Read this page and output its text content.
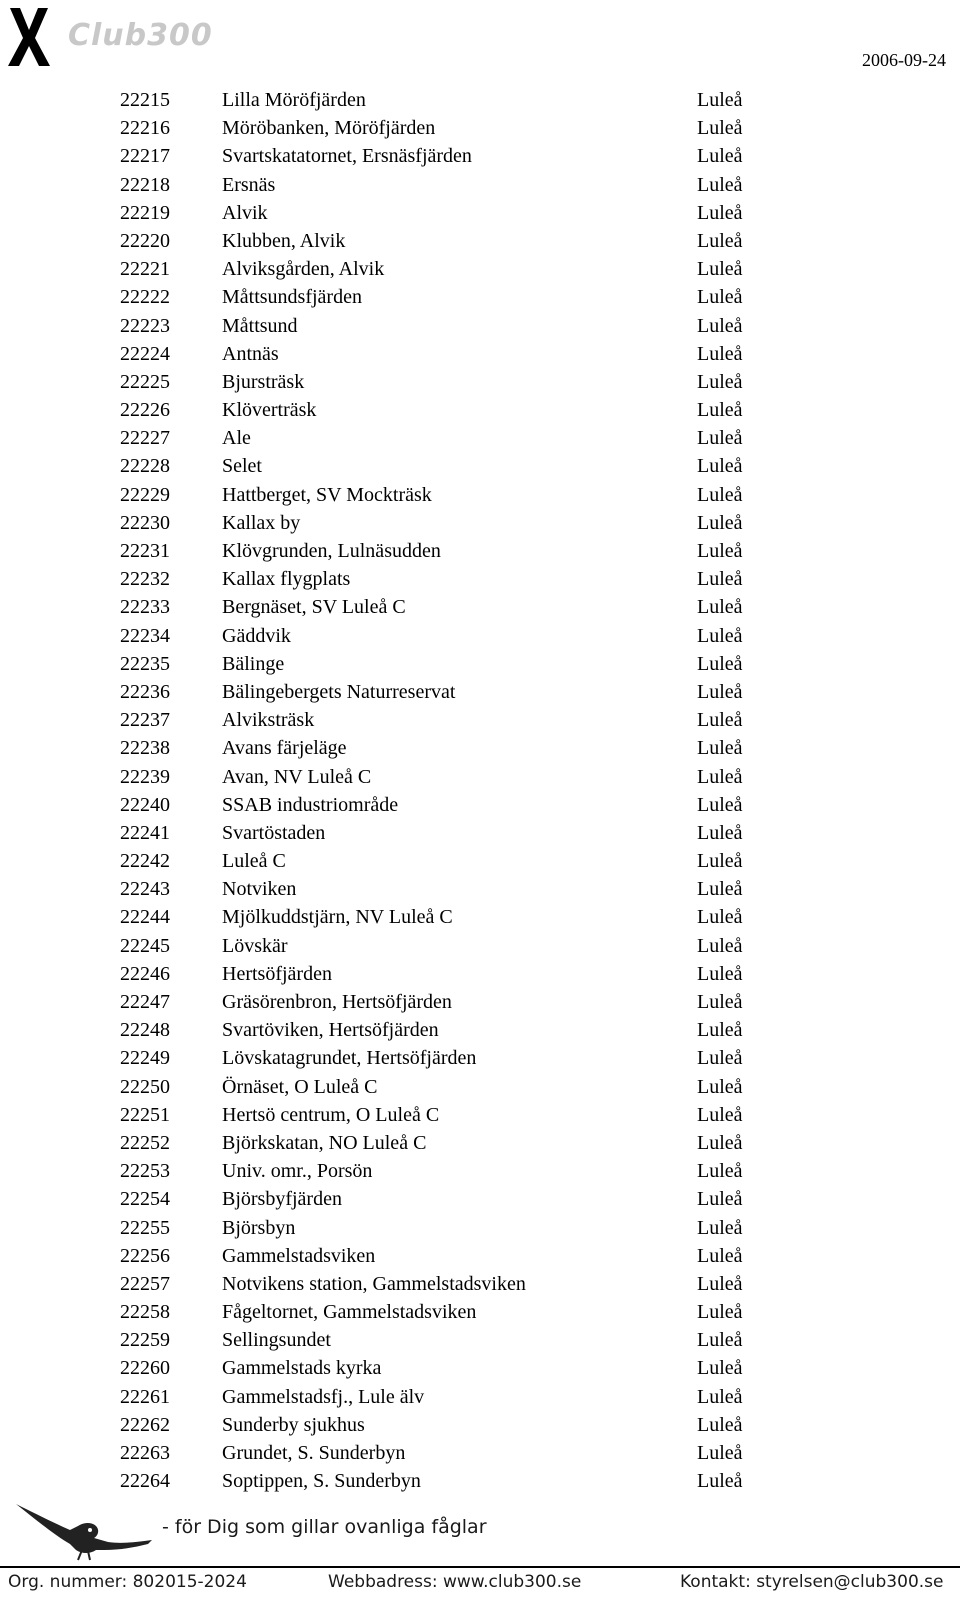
Club300
2006-09-24
22215	Lilla Möröfjärden	Luleå
22216	Möröbanken, Möröfjärden	Luleå
22217	Svartskatatornet, Ersnäsfjärden	Luleå
22218	Ersnäs	Luleå
22219	Alvik	Luleå
22220	Klubben, Alvik	Luleå
22221	Alviksgården, Alvik	Luleå
22222	Måttsundsfjärden	Luleå
22223	Måttsund	Luleå
22224	Antnäs	Luleå
22225	Bjursträsk	Luleå
22226	Klöverträsk	Luleå
22227	Ale	Luleå
22228	Selet	Luleå
22229	Hattberget, SV Mockträsk	Luleå
22230	Kallax by	Luleå
22231	Klövgrunden, Lulnäsudden	Luleå
22232	Kallax flygplats	Luleå
22233	Bergnäset, SV Luleå C	Luleå
22234	Gäddvik	Luleå
22235	Bälinge	Luleå
22236	Bälingebergets Naturreservat	Luleå
22237	Alviksträsk	Luleå
22238	Avans färjeläge	Luleå
22239	Avan, NV Luleå C	Luleå
22240	SSAB industriområde	Luleå
22241	Svartöstaden	Luleå
22242	Luleå C	Luleå
22243	Notviken	Luleå
22244	Mjölkuddstjärn, NV Luleå C	Luleå
22245	Lövskär	Luleå
22246	Hertsöfjärden	Luleå
22247	Gräsörenbron, Hertsöfjärden	Luleå
22248	Svartöviken, Hertsöfjärden	Luleå
22249	Lövskatagrundet, Hertsöfjärden	Luleå
22250	Örnäset, O Luleå C	Luleå
22251	Hertsö centrum, O Luleå C	Luleå
22252	Björkskatan, NO Luleå C	Luleå
22253	Univ. omr., Porsön	Luleå
22254	Björsbyfjärden	Luleå
22255	Björsbyn	Luleå
22256	Gammelstadsviken	Luleå
22257	Notvikens station, Gammelstadsviken	Luleå
22258	Fågeltornet, Gammelstadsviken	Luleå
22259	Sellingsundet	Luleå
22260	Gammelstads kyrka	Luleå
22261	Gammelstadsfj., Lule älv	Luleå
22262	Sunderby sjukhus	Luleå
22263	Grundet, S. Sunderbyn	Luleå
22264	Soptippen, S. Sunderbyn	Luleå
- för Dig som gillar ovanliga fåglar
Org. nummer: 802015-2024	Webbadress: www.club300.se	Kontakt: styrelsen@club300.se
